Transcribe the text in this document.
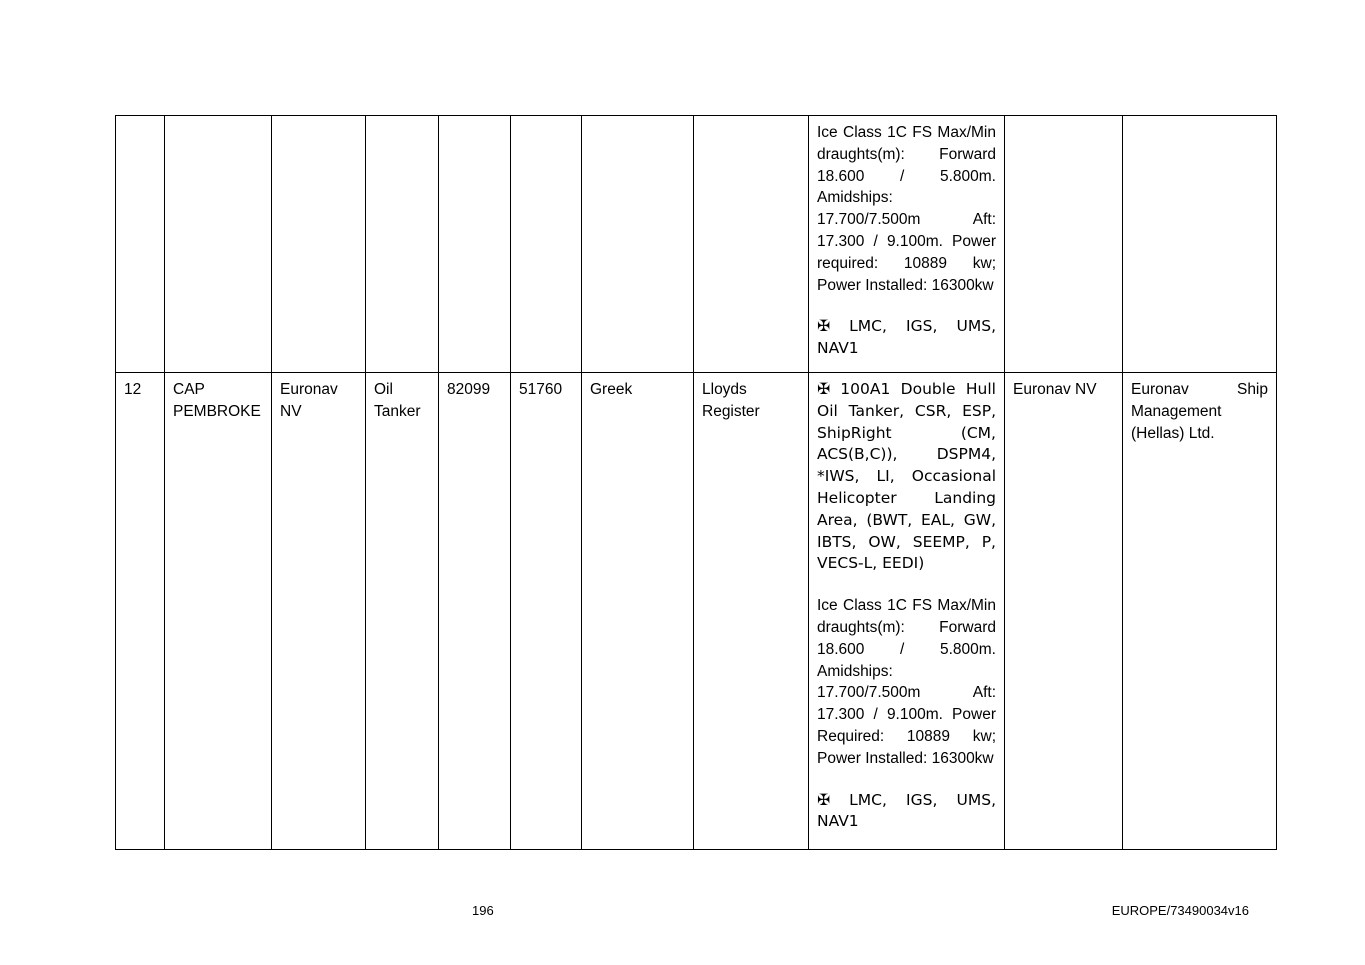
								Ice Class 1C FS Max/Min draughts(m): Forward 18.600 / 5.800m. Amidships: 17.700/7.500m Aft: 17.300 / 9.100m. Power required: 10889 kw; Power Installed: 16300kw

✠ LMC, IGS, UMS, NAV1		

12	CAP PEMBROKE	Euronav NV	Oil Tanker	82099	51760	Greek	Lloyds Register	✠ 100A1 Double Hull Oil Tanker, CSR, ESP, ShipRight (CM, ACS(B,C)), DSPM4, *IWS, LI, Occasional Helicopter Landing Area, (BWT, EAL, GW, IBTS, OW, SEEMP, P, VECS-L, EEDI)

Ice Class 1C FS Max/Min draughts(m): Forward 18.600 / 5.800m. Amidships: 17.700/7.500m Aft: 17.300 / 9.100m. Power Required: 10889 kw; Power Installed: 16300kw

✠ LMC, IGS, UMS, NAV1	Euronav NV	Euronav Ship Management (Hellas) Ltd.
196	EUROPE/73490034v16
